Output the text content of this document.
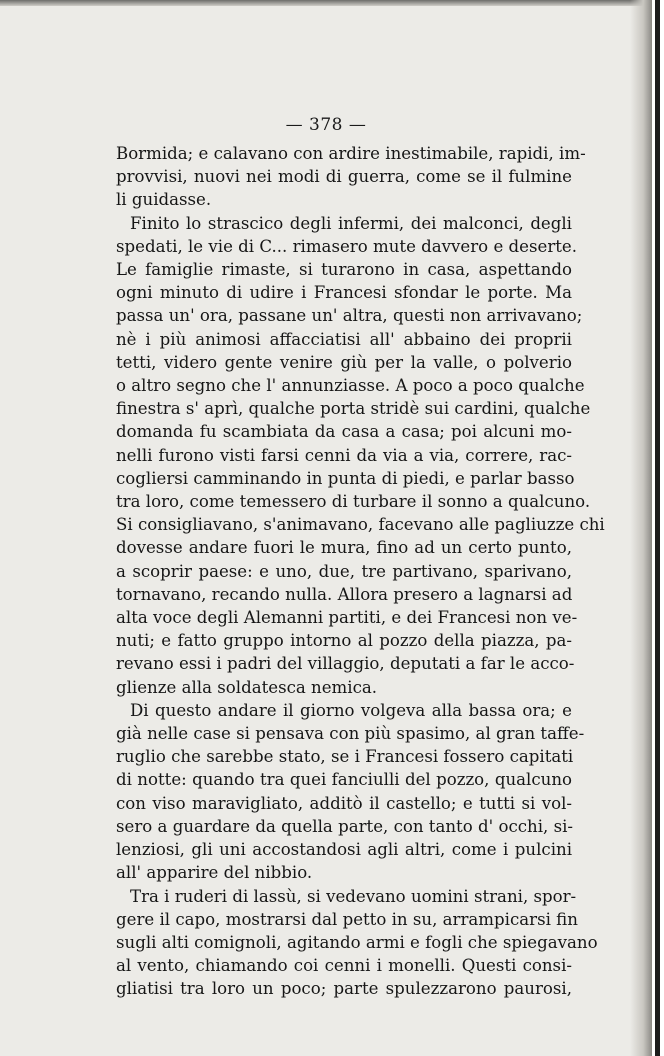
— 378 —
Bormida; e calavano con ardire inestimabile, rapidi, im-
provvisi, nuovi nei modi di guerra, come se il fulmine
li guidasse.
Finito lo strascico degli infermi, dei malconci, degli
spedati, le vie di C... rimasero mute davvero e deserte.
Le famiglie rimaste, si turarono in casa, aspettando
ogni minuto di udire i Francesi sfondar le porte. Ma
passa un' ora, passane un' altra, questi non arrivavano;
nè i più animosi affacciatisi all' abbaino dei proprii
tetti, videro gente venire giù per la valle, o polverio
o altro segno che l' annunziasse. A poco a poco qualche
finestra s' aprì, qualche porta stridè sui cardini, qualche
domanda fu scambiata da casa a casa; poi alcuni mo-
nelli furono visti farsi cenni da via a via, correre, rac-
cogliersi camminando in punta di piedi, e parlar basso
tra loro, come temessero di turbare il sonno a qualcuno.
Si consigliavano, s'animavano, facevano alle pagliuzze chi
dovesse andare fuori le mura, fino ad un certo punto,
a scoprir paese: e uno, due, tre partivano, sparivano,
tornavano, recando nulla. Allora presero a lagnarsi ad
alta voce degli Alemanni partiti, e dei Francesi non ve-
nuti; e fatto gruppo intorno al pozzo della piazza, pa-
revano essi i padri del villaggio, deputati a far le acco-
glienze alla soldatesca nemica.
Di questo andare il giorno volgeva alla bassa ora; e
già nelle case si pensava con più spasimo, al gran taffe-
ruglio che sarebbe stato, se i Francesi fossero capitati
di notte: quando tra quei fanciulli del pozzo, qualcuno
con viso maravigliato, additò il castello; e tutti si vol-
sero a guardare da quella parte, con tanto d' occhi, si-
lenziosi, gli uni accostandosi agli altri, come i pulcini
all' apparire del nibbio.
Tra i ruderi di lassù, si vedevano uomini strani, spor-
gere il capo, mostrarsi dal petto in su, arrampicarsi fin
sugli alti comignoli, agitando armi e fogli che spiegavano
al vento, chiamando coi cenni i monelli. Questi consi-
gliatisi tra loro un poco; parte spulezzarono paurosi,
